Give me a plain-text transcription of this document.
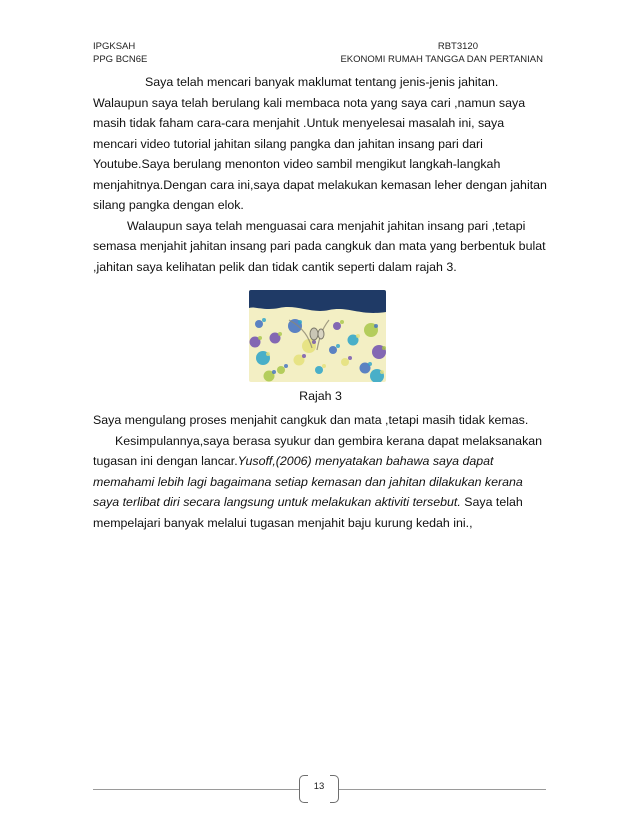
IPGKSAH
PPG BCN6E
RBT3120
EKONOMI RUMAH TANGGA DAN PERTANIAN

Saya telah mencari banyak maklumat tentang jenis-jenis jahitan. Walaupun saya telah berulang kali membaca nota yang saya cari ,namun saya masih tidak faham cara-cara menjahit .Untuk menyelesai masalah ini, saya mencari video tutorial jahitan silang pangka dan jahitan insang pari dari Youtube.Saya berulang menonton video sambil mengikut langkah-langkah menjahitnya.Dengan cara ini,saya dapat melakukan kemasan leher dengan jahitan silang pangka dengan elok.

Walaupun saya telah menguasai cara menjahit jahitan insang pari ,tetapi semasa menjahit jahitan insang pari pada cangkuk dan mata yang berbentuk bulat ,jahitan saya kelihatan pelik dan tidak cantik seperti dalam rajah 3.

Rajah 3

Saya mengulang proses menjahit cangkuk dan mata ,tetapi masih tidak kemas.

Kesimpulannya,saya berasa syukur dan gembira kerana dapat melaksanakan tugasan ini dengan lancar.Yusoff,(2006) menyatakan bahawa saya dapat memahami lebih lagi bagaimana setiap kemasan dan jahitan dilakukan kerana saya terlibat diri secara langsung untuk melakukan aktiviti tersebut. Saya telah mempelajari banyak melalui tugasan menjahit baju kurung kedah ini.,

13
